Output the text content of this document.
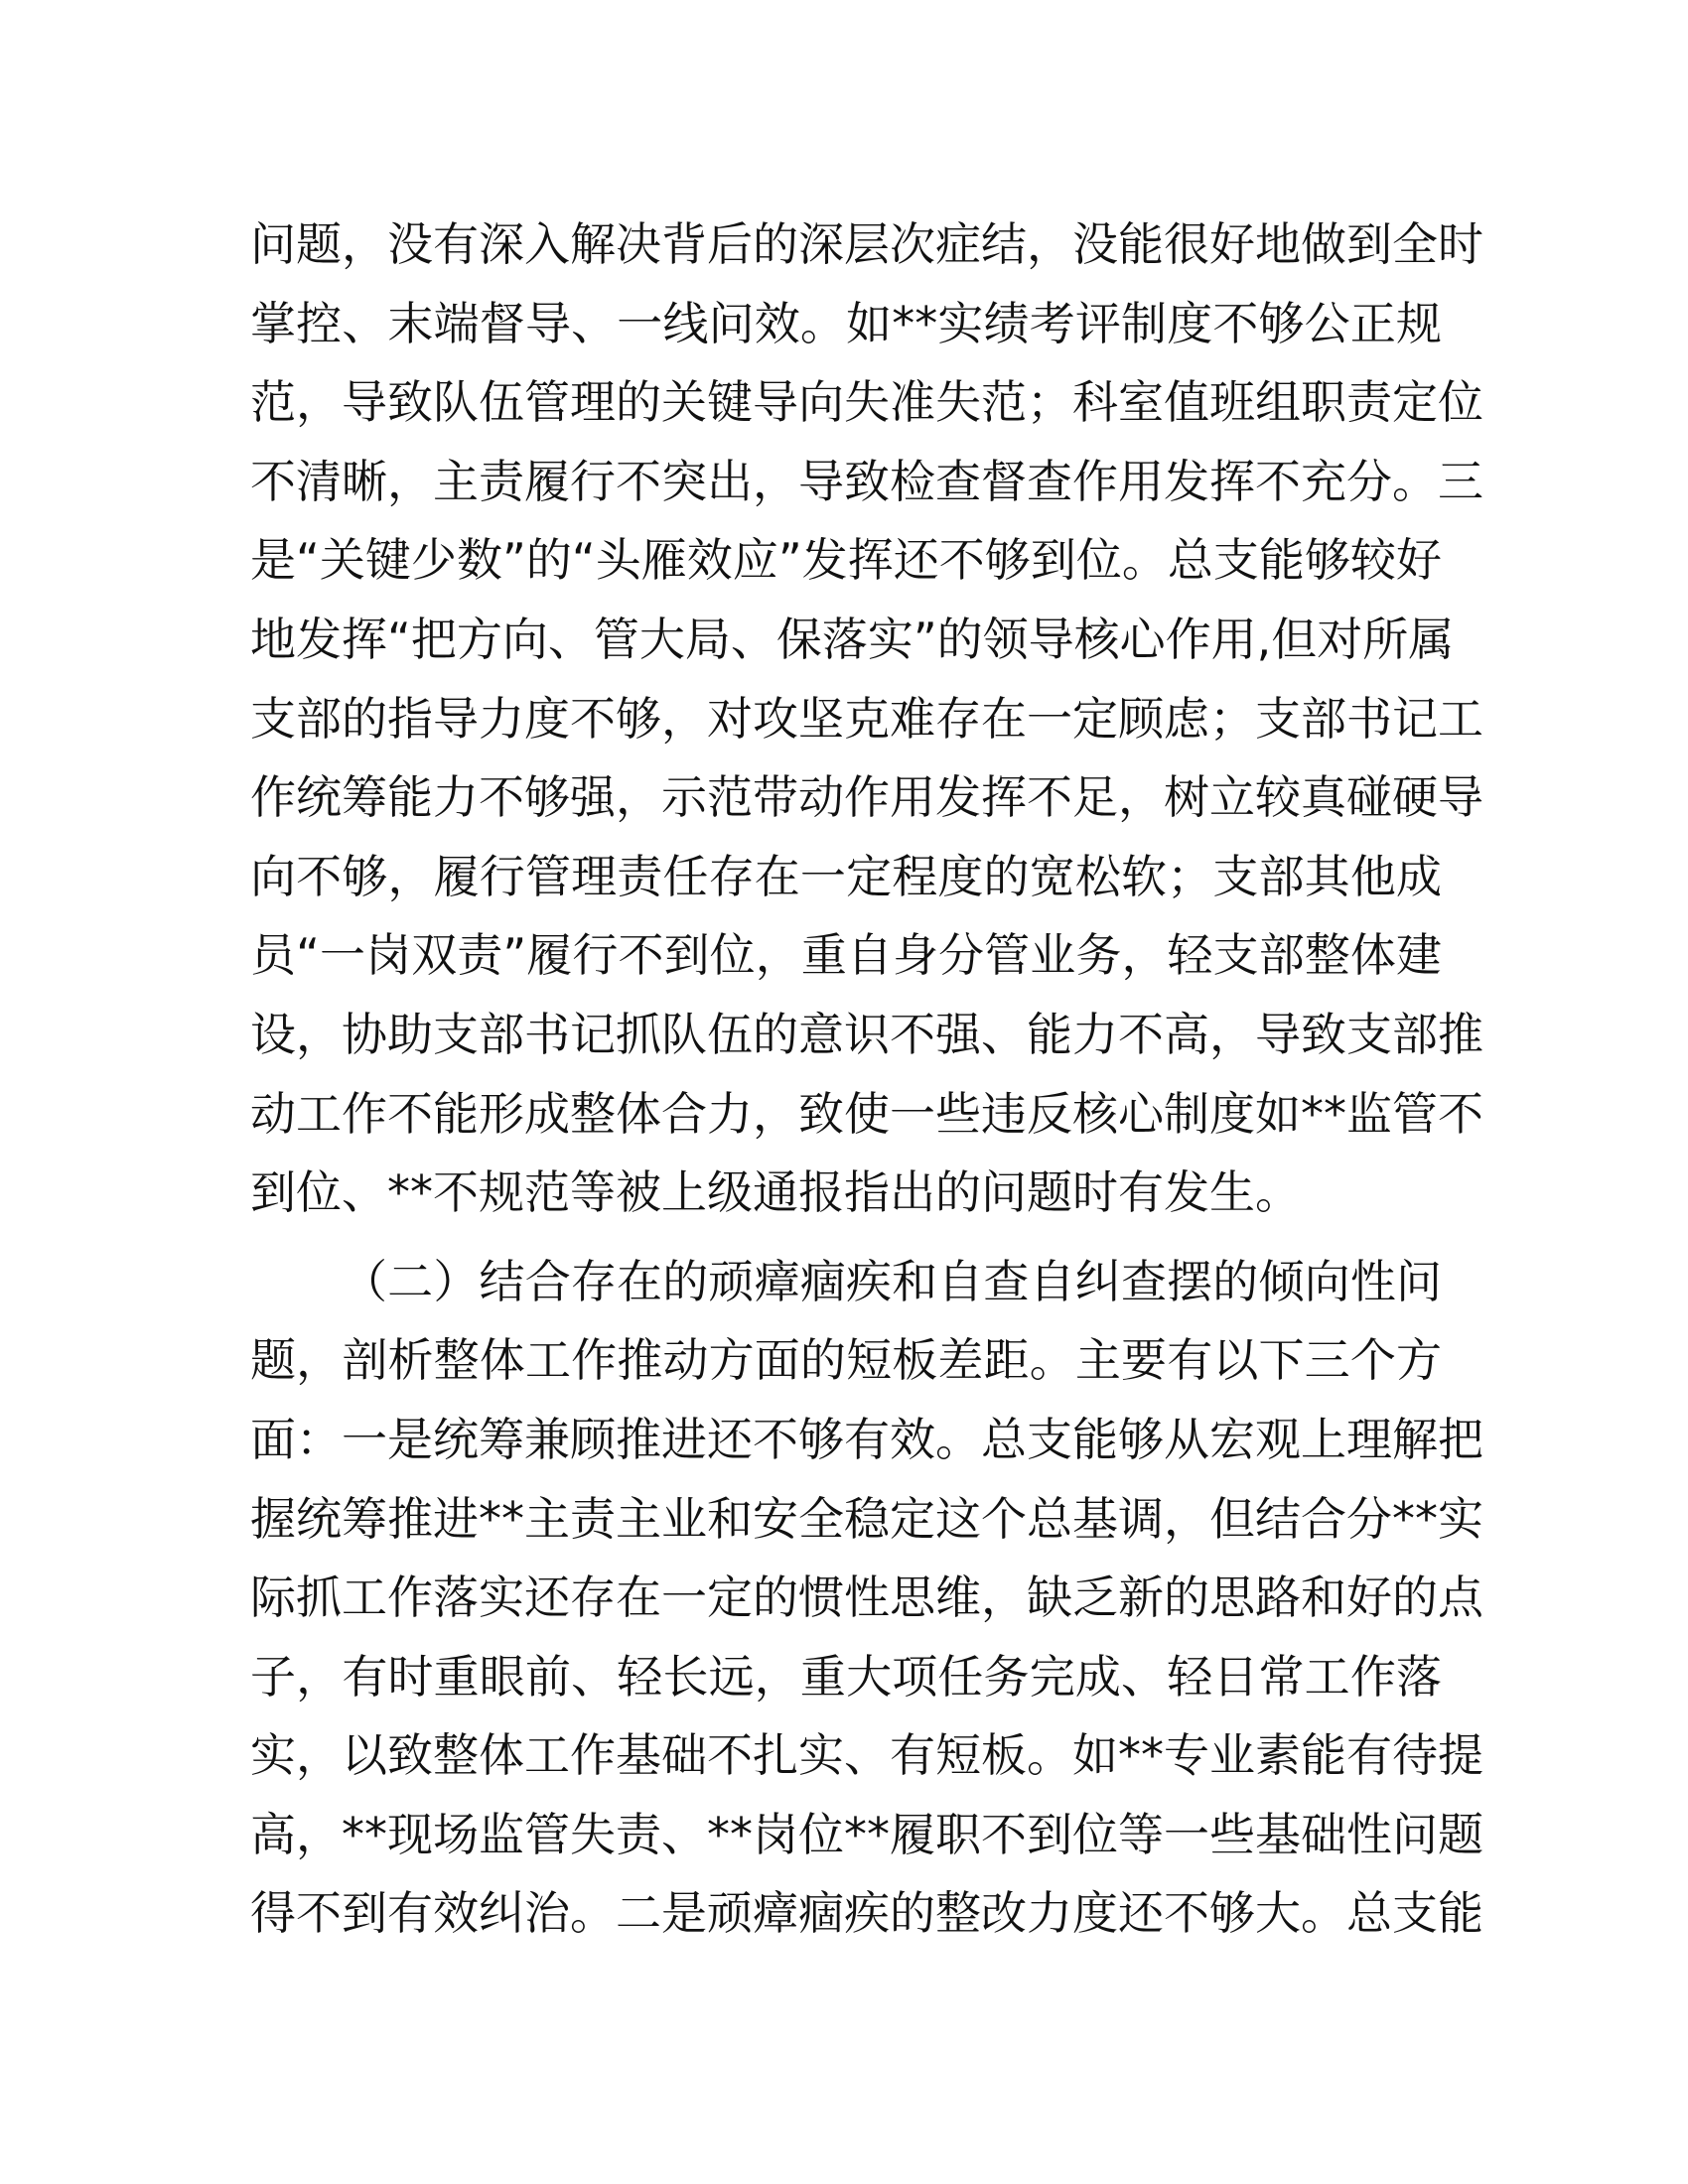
问题，没有深入解决背后的深层次症结，没能很好地做到全时
掌控、末端督导、一线问效。如**实绩考评制度不够公正规
范，导致队伍管理的关键导向失准失范；科室值班组职责定位
不清晰，主责履行不突出，导致检查督查作用发挥不充分。三
是“关键少数”的“头雁效应”发挥还不够到位。总支能够较好
地发挥“把方向、管大局、保落实”的领导核心作用,但对所属
支部的指导力度不够，对攻坚克难存在一定顾虑；支部书记工
作统筹能力不够强，示范带动作用发挥不足，树立较真碰硬导
向不够，履行管理责任存在一定程度的宽松软；支部其他成
员“一岗双责”履行不到位，重自身分管业务，轻支部整体建
设，协助支部书记抓队伍的意识不强、能力不高，导致支部推
动工作不能形成整体合力，致使一些违反核心制度如**监管不
到位、**不规范等被上级通报指出的问题时有发生。
（二）结合存在的顽瘴痼疾和自查自纠查摆的倾向性问
题，剖析整体工作推动方面的短板差距。主要有以下三个方
面：一是统筹兼顾推进还不够有效。总支能够从宏观上理解把
握统筹推进**主责主业和安全稳定这个总基调，但结合分**实
际抓工作落实还存在一定的惯性思维，缺乏新的思路和好的点
子，有时重眼前、轻长远，重大项任务完成、轻日常工作落
实，以致整体工作基础不扎实、有短板。如**专业素能有待提
高，**现场监管失责、**岗位**履职不到位等一些基础性问题
得不到有效纠治。二是顽瘴痼疾的整改力度还不够大。总支能
